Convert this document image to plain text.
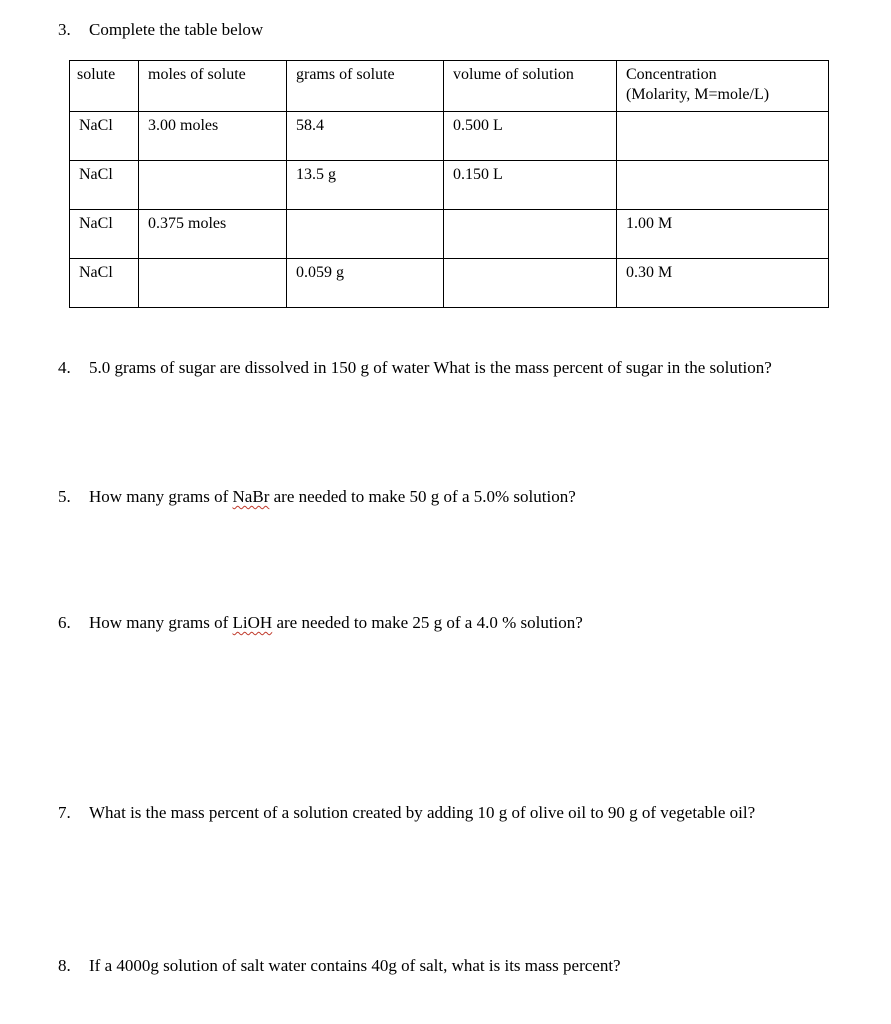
3. Complete the table below
solute	moles of solute	grams of solute	volume of solution	Concentration
(Molarity, M=mole/L)
NaCl	3.00 moles	58.4	0.500 L	
NaCl		13.5 g	0.150 L	
NaCl	0.375 moles			1.00 M
NaCl		0.059 g		0.30 M
4. 5.0 grams of sugar are dissolved in 150 g of water What is the mass percent of sugar in the solution?
5. How many grams of NaBr are needed to make 50 g of a 5.0% solution?
6. How many grams of LiOH are needed to make 25 g of a 4.0 % solution?
7. What is the mass percent of a solution created by adding 10 g of olive oil to 90 g of vegetable oil?
8. If a 4000g solution of salt water contains 40g of salt, what is its mass percent?
